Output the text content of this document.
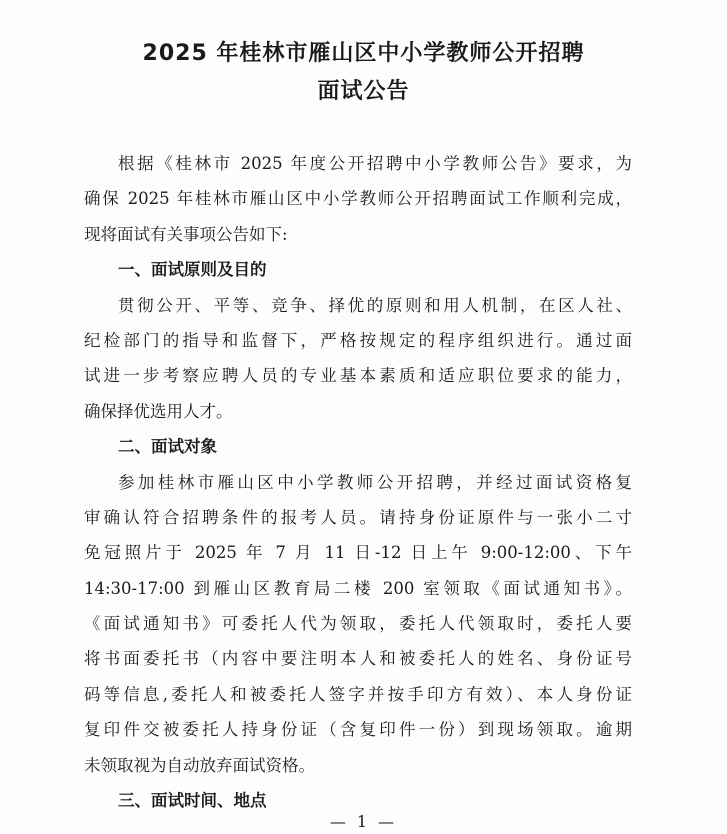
2025 年桂林市雁山区中小学教师公开招聘
面试公告
根据《桂林市 2025 年度公开招聘中小学教师公告》要求，为
确保 2025 年桂林市雁山区中小学教师公开招聘面试工作顺利完成，
现将面试有关事项公告如下:
一、面试原则及目的
贯彻公开、平等、竞争、择优的原则和用人机制，在区人社、
纪检部门的指导和监督下，严格按规定的程序组织进行。通过面
试进一步考察应聘人员的专业基本素质和适应职位要求的能力，
确保择优选用人才。
二、面试对象
参加桂林市雁山区中小学教师公开招聘，并经过面试资格复
审确认符合招聘条件的报考人员。请持身份证原件与一张小二寸
免冠照片于 2025 年 7 月 11 日-12 日上午 9:00-12:00、下午
14:30-17:00 到雁山区教育局二楼 200 室领取《面试通知书》。
《面试通知书》可委托人代为领取，委托人代领取时，委托人要
将书面委托书（内容中要注明本人和被委托人的姓名、身份证号
码等信息,委托人和被委托人签字并按手印方有效）、本人身份证
复印件交被委托人持身份证（含复印件一份）到现场领取。逾期
未领取视为自动放弃面试资格。
三、面试时间、地点
— 1 —
